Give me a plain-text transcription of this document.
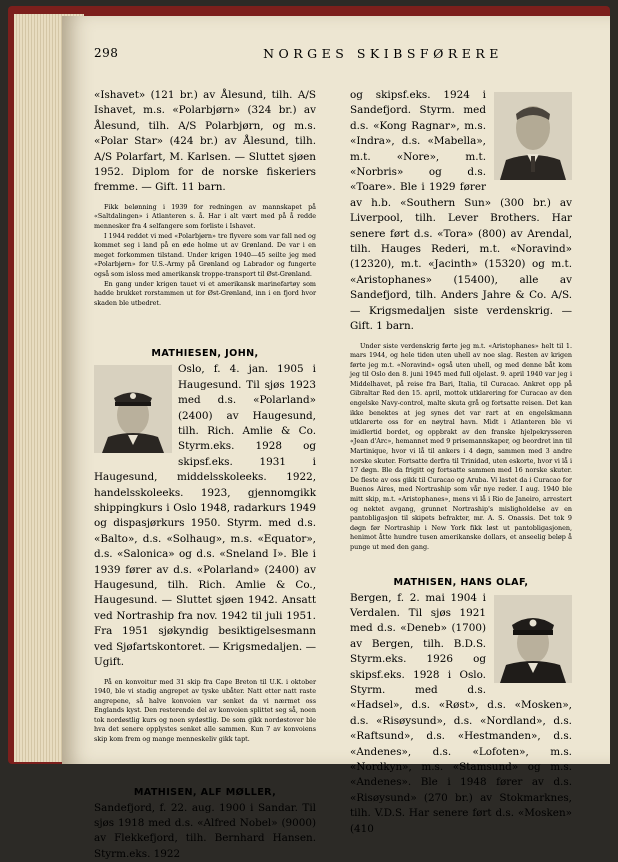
298	NORGES SKIBSFØRERE

«Ishavet» (121 br.) av Ålesund, tilh. A/S Ishavet, m.s. «Polarbjørn» (324 br.) av Ålesund, tilh. A/S Polarbjørn, og m.s. «Polar Star» (424 br.) av Ålesund, tilh. A/S Polarfart, M. Karlsen. — Sluttet sjøen 1952. Diplom for de norske fiskeriers fremme. — Gift. 11 barn.

Fikk belønning i 1939 for redningen av mannskapet på «Saltdalingen» i Atlanteren s. å. Har i alt vært med på å redde mennesker fra 4 selfangere som forliste i Ishavet.

I 1944 reddet vi med «Polarbjørn» tre flyvere som var fall ned og kommet seg i land på en øde holme ut av Grønland. De var i en meget forkommen tilstand. Under krigen 1940—45 seilte jeg med «Polarbjørn» for U.S.-Army på Grønland og Labrador og fungerte også som isloss med amerikansk troppe-transport til Øst-Grønland.

En gang under krigen tauet vi et amerikansk marinefartøy som hadde brukket rorstammen ut for Øst-Grønland, inn i en fjord hvor skaden ble utbedret.

MATHIESEN, JOHN,

Oslo, f. 4. jan. 1905 i Haugesund. Til sjøs 1923 med d.s. «Polarland» (2400) av Haugesund, tilh. Rich. Amlie & Co. Styrm.eks. 1928 og skipsf.eks. 1931 i Haugesund, middelsskoleeks. 1922, handelsskoleeks. 1923, gjennomgikk shippingkurs i Oslo 1948, radarkurs 1949 og dispasjørkurs 1950. Styrm. med d.s. «Balto», d.s. «Solhaug», m.s. «Equator», d.s. «Salonica» og d.s. «Sneland I». Ble i 1939 fører av d.s. «Polarland» (2400) av Haugesund, tilh. Rich. Amlie & Co., Haugesund. — Sluttet sjøen 1942. Ansatt ved Nortraship fra nov. 1942 til juli 1951. Fra 1951 sjøkyndig besiktigelsesmann ved Sjøfartskontoret. — Krigsmedaljen. — Ugift.

På en konvoitur med 31 skip fra Cape Breton til U.K. i oktober 1940, ble vi stadig angrepet av tyske ubåter. Natt etter natt raste angrepene, så halve konvoien var senket da vi nærmet oss Englands kyst. Den resterende del av konvoien splittet seg så, noen tok nordøstlig kurs og noen sydøstlig. De som gikk nordøstover ble hva det senere opplystes senket alle sammen. Kun 7 av konvoiens skip kom frem og mange menneskeliv gikk tapt.

MATHISEN, ALF MØLLER,

Sandefjord, f. 22. aug. 1900 i Sandar. Til sjøs 1918 med d.s. «Alfred Nobel» (9000) av Flekkefjord, tilh. Bernhard Hansen. Styrm.eks. 1922

og skipsf.eks. 1924 i Sandefjord. Styrm. med d.s. «Kong Ragnar», m.s. «Indra», d.s. «Mabella», m.t. «Nore», m.t. «Norbris» og d.s. «Toare». Ble i 1929 fører av h.b. «Southern Sun» (300 br.) av Liverpool, tilh. Lever Brothers. Har senere ført d.s. «Tora» (800) av Arendal, tilh. Hauges Rederi, m.t. «Noravind» (12320), m.t. «Jacinth» (15320) og m.t. «Aristophanes» (15400), alle av Sandefjord, tilh. Anders Jahre & Co. A/S. — Krigsmedaljen siste verdenskrig. — Gift. 1 barn.

Under siste verdenskrig førte jeg m.t. «Aristophanes» helt til 1. mars 1944, og hele tiden uten uhell av noe slag. Resten av krigen førte jeg m.t. «Noravind» også uten uhell, og med denne båt kom jeg til Oslo den 8. juni 1945 med full oljelast. 9. april 1940 var jeg i Middelhavet, på reise fra Bari, Italia, til Curacao. Ankret opp på Gibraltar Red den 15. april, mottok utklarering for Curacao av den engelske Navy-control, malte skuta grå og fortsatte reisen. Det kan ikke benektes at jeg synes det var rart at en engelskmann utklarerte oss for en nøytral havn. Midt i Atlanteren ble vi imidlertid bordet, og oppbrakt av den franske hjelpekrysseren «Jean d'Arc», hemannet med 9 prisemannskaper, og beordret inn til Martinique, hvor vi lå til ankers i 4 døgn, sammen med 3 andre norske skuter. Fortsatte derfra til Trinidad, uten eskorte, hvor vi lå i 17 døgn. Ble da frigitt og fortsatte sammen med 16 norske skuter. De fleste av oss gikk til Curacao og Aruba. Vi lastet da i Curacao for Buenos Aires, med Nortraship som vår nye reder. I aug. 1940 ble mitt skip, m.t. «Aristophanes», mens vi lå i Rio de Janeiro, arrestert og nektet avgang, grunnet Nortraship's misligholdelse av en pantobligasjon til skipets befrakter, mr. A. S. Onassis. Det tok 9 døgn før Nortraship i New York fikk løst ut pantobligasjonen, henimot åtte hundre tusen amerikanske dollars, et anseelig beløp å punge ut med den gang.

MATHISEN, HANS OLAF,

Bergen, f. 2. mai 1904 i Verdalen. Til sjøs 1921 med d.s. «Deneb» (1700) av Bergen, tilh. B.D.S. Styrm.eks. 1926 og skipsf.eks. 1928 i Oslo. Styrm. med d.s. «Hadsel», d.s. «Røst», d.s. «Mosken», d.s. «Risøysund», d.s. «Nordland», d.s. «Raftsund», d.s. «Hestmanden», d.s. «Andenes», d.s. «Lofoten», m.s. «Nordkyn», m.s. «Stamsund» og m.s. «Andenes». Ble i 1948 fører av d.s. «Risøysund» (270 br.) av Stokmarknes, tilh. V.D.S. Har senere ført d.s. «Mosken» (410
